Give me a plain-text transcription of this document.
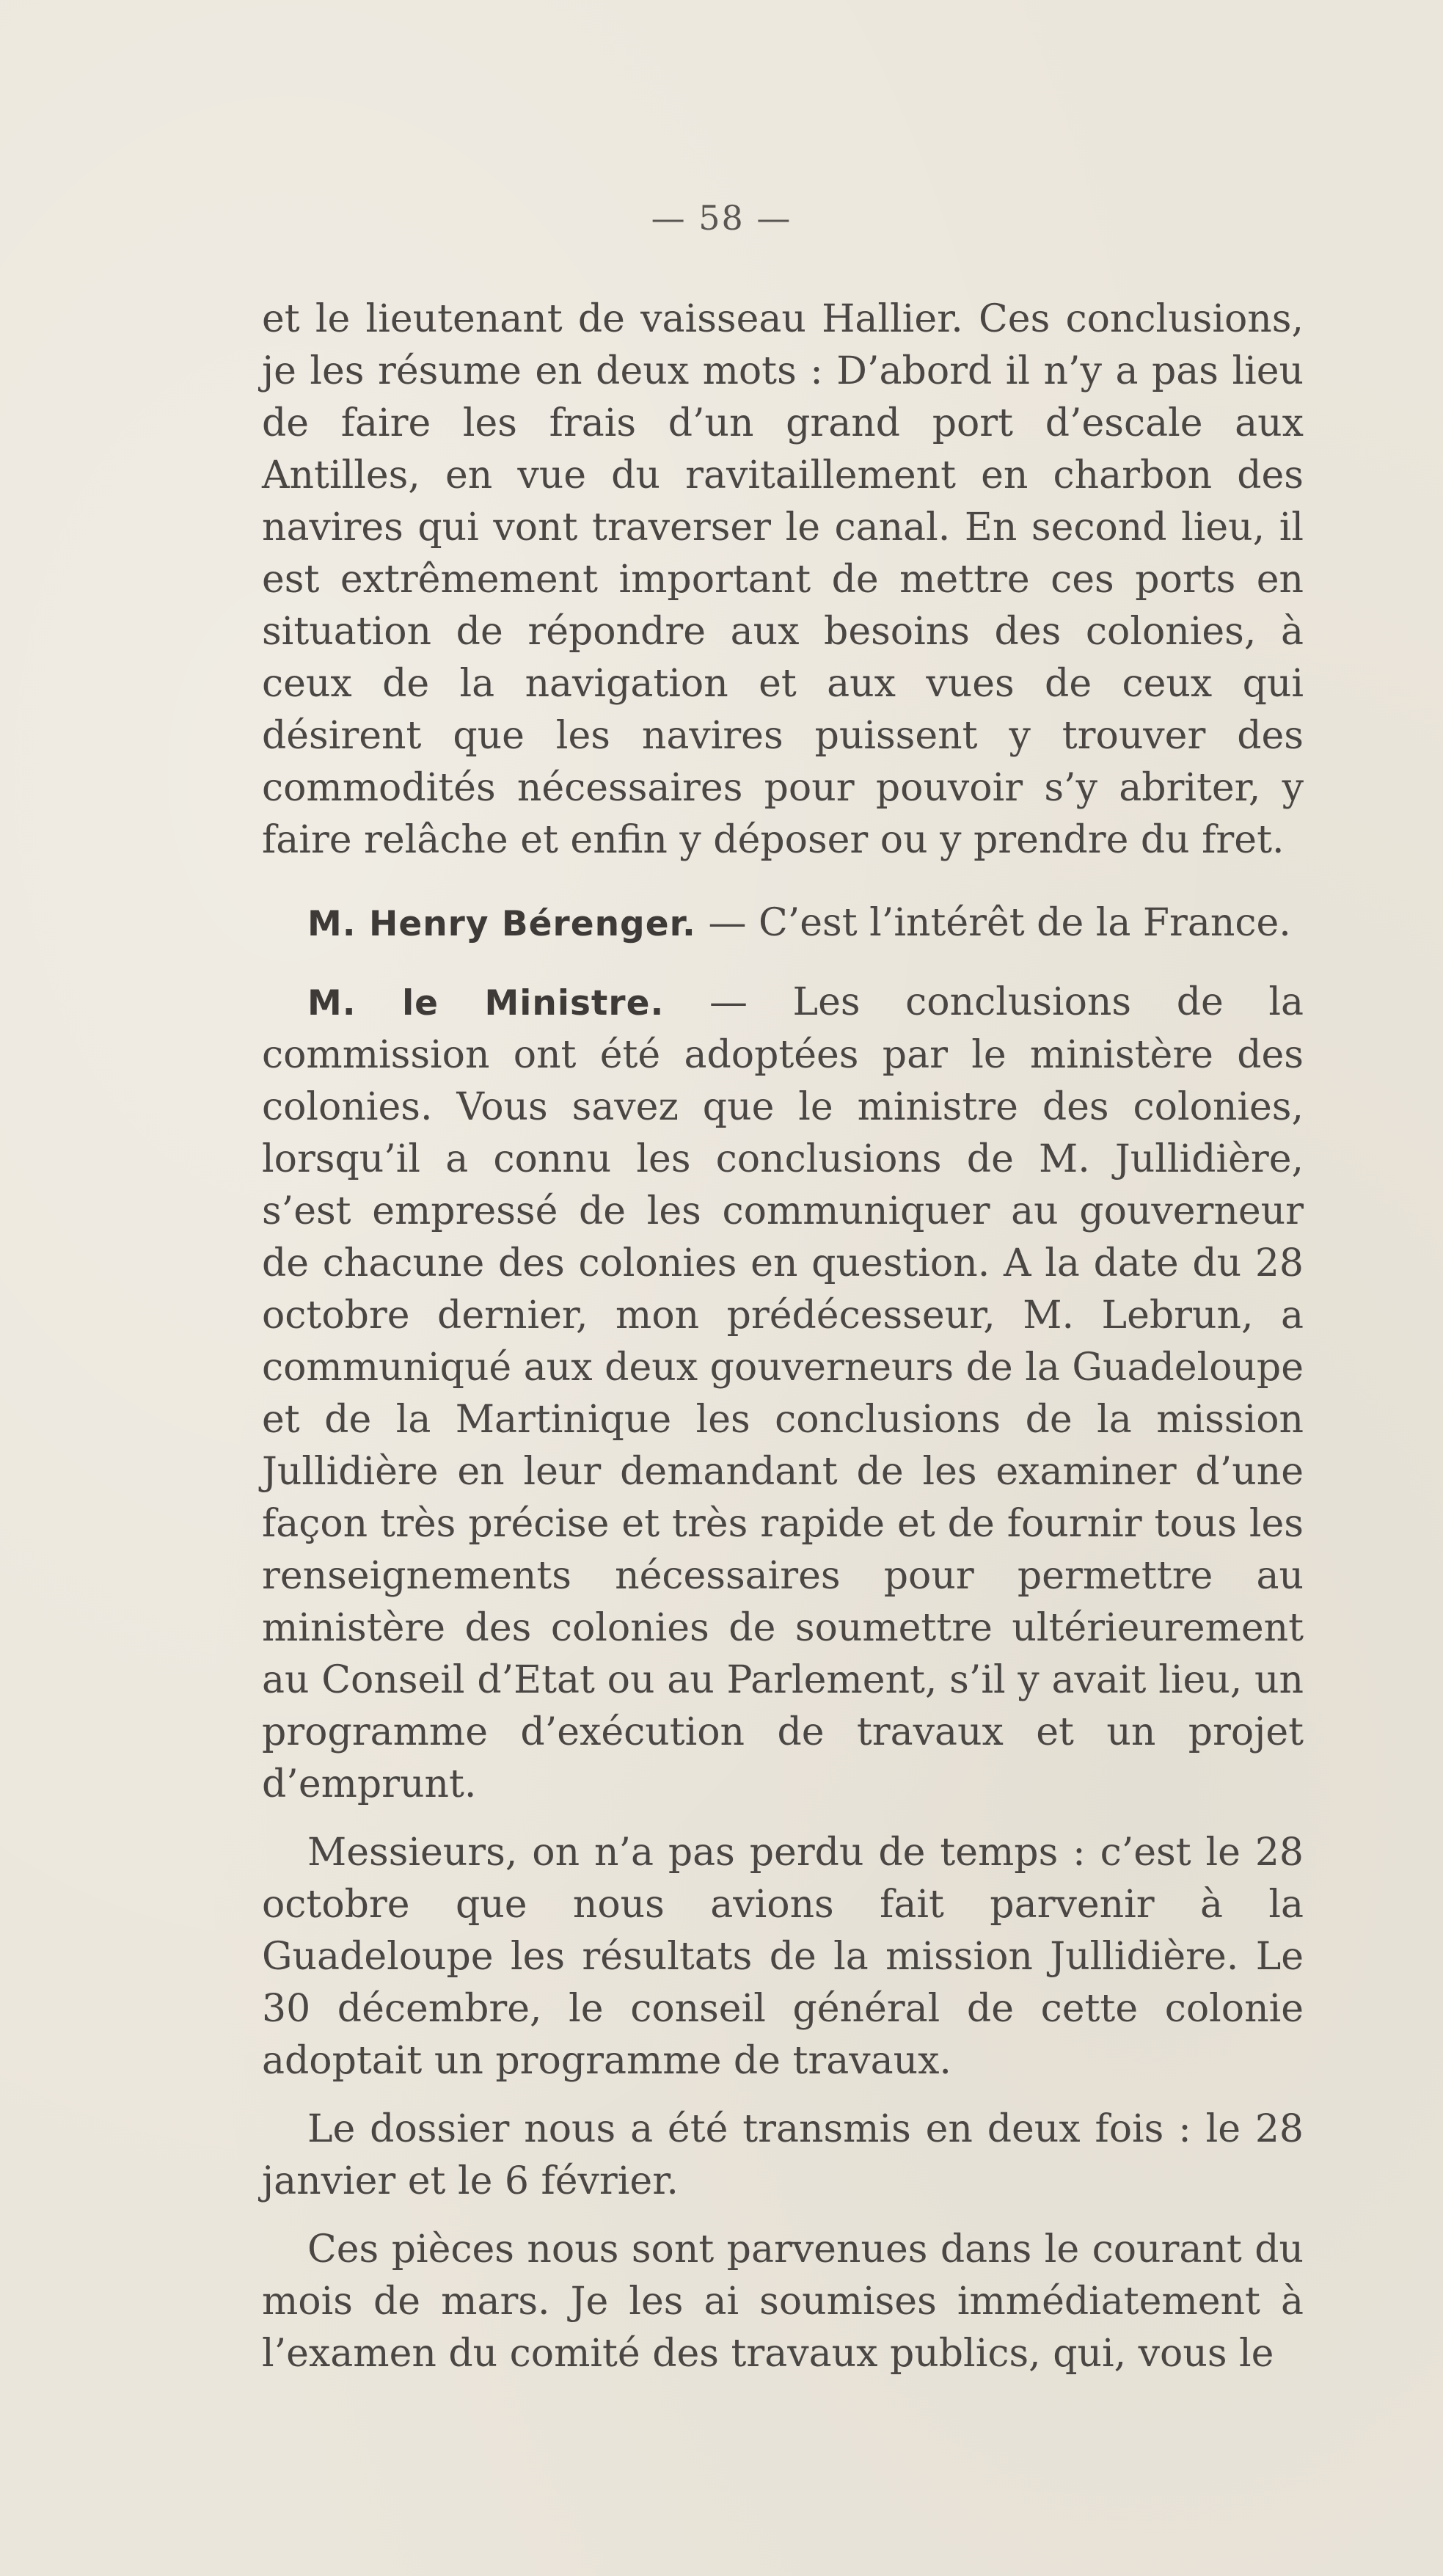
— 58 —

et le lieutenant de vaisseau Hallier. Ces conclusions, je les résume en deux mots : D’abord il n’y a pas lieu de faire les frais d’un grand port d’escale aux Antilles, en vue du ravitaillement en charbon des navires qui vont traverser le canal. En second lieu, il est extrêmement important de mettre ces ports en situation de répondre aux besoins des colonies, à ceux de la navigation et aux vues de ceux qui désirent que les navires puissent y trouver des commodités nécessaires pour pouvoir s’y abriter, y faire relâche et enfin y déposer ou y prendre du fret.

M. Henry Bérenger. — C’est l’intérêt de la France.

M. le Ministre. — Les conclusions de la commission ont été adoptées par le ministère des colonies. Vous savez que le ministre des colonies, lorsqu’il a connu les conclusions de M. Jullidière, s’est empressé de les communiquer au gouverneur de chacune des colonies en question. A la date du 28 octobre dernier, mon prédécesseur, M. Lebrun, a communiqué aux deux gouverneurs de la Guadeloupe et de la Martinique les conclusions de la mission Jullidière en leur demandant de les examiner d’une façon très précise et très rapide et de fournir tous les renseignements nécessaires pour permettre au ministère des colonies de soumettre ultérieurement au Conseil d’Etat ou au Parlement, s’il y avait lieu, un programme d’exécution de travaux et un projet d’emprunt.

Messieurs, on n’a pas perdu de temps : c’est le 28 octobre que nous avions fait parvenir à la Guadeloupe les résultats de la mission Jullidière. Le 30 décembre, le conseil général de cette colonie adoptait un programme de travaux.

Le dossier nous a été transmis en deux fois : le 28 janvier et le 6 février.

Ces pièces nous sont parvenues dans le courant du mois de mars. Je les ai soumises immédiatement à l’examen du comité des travaux publics, qui, vous le
